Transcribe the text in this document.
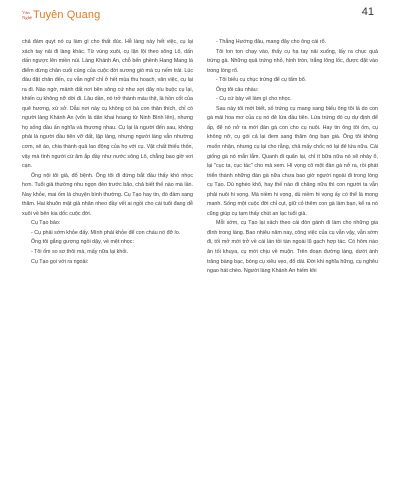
Văn
Nghệ Tuyên Quang	41

chả đám quyt nó cụ làm gì cho thất đúc. Hễ làng này hết việc, cụ lại xách tay nải đi làng khác. Từ vùng xuôi, cụ lận lội theo sông Lô, dấn dấn ngược lên miền núi. Làng Khánh An, chỗ bến ghềnh Hang Mang là điểm dừng chân cuối cùng của cuộc đời sương gió mà cụ nếm trải. Lúc đầu đặt chân đến, cụ vẫn nghĩ chỉ ở hết mùa thu hoạch, vãn việc, cụ lại ra đi. Nào ngờ, mảnh đất nơi bên sông cứ như sợi dây níu buộc cụ lại, khiến cụ không nỡ dời đi. Lâu dần, nó trở thành máu thịt, là hồn cốt của quê hương, xứ sở. Dẫu nơi này cụ không có bà con thân thích, chỉ có người làng Khánh An (vốn là dân khai hoang từ Ninh Bình lên), nhưng họ sống đầu ấn nghĩa và thương nhau. Cụ lại là người đến sau, không phải là người đầu tiên vỡ đất, lập làng, nhưng người làng vẫn nhường cơm, xẻ áo, chia thành quả lao động của họ với cụ. Vật chất thiếu thốn, vậy mà tình người cứ ăm ắp đầy như nước sông Lô, chẳng bao giờ vơi cạn.

Ông nội tôi giả, đổ bệnh. Ông tôi đi đứng bắt đầu thấy khó nhọc hơn. Tuổi giả thường nhu ngọn đèn trước bão, chả biết thế nào mà lần. Nay khỏe, mai ốm là chuyện bình thường. Cụ Tạo hay tin, đò đầm sang thăm. Hai khuôn mặt già nhăn nheo đầy vết ai ngồi cho cái tuổi đang dễ xuôi về bên kia dốc cuộc đời.

Cụ Tạo bảo:

- Cụ phải sớm khỏe đấy. Mình phải khỏe để con cháu nó đỡ lo.

Ông tôi gắng gượng ngồi dậy, về mệt nhọc:

- Tôi ốm so sơ thôi mà, mấy nữa lại khỏi.

Cụ Tạo gọi với ra ngoài:

- Thắng Hướng đâu, mang đây cho ông cái rổ.

Tôi lon ton chạy vào, thấy cụ hạ tay nải xuống, lấy ra chục quả trứng gà. Những quả trứng nhỏ, hình tròn, trắng lông lốc, được đặt vào trong lòng rổ.

- Tôi biếu cụ chục trứng để cụ tẩm bổ.

Ông tôi cảu nhàu:

- Cụ cứ bày vẽ làm gì cho nhọc.

Sau này tôi mới biết, số trứng cụ mang sang biếu ông tôi là do con gà mái hoa mơ của cụ nó đẻ lứa đầu tiên. Lứa trứng đó cụ dự định để ấp, để nó nở ra mới đàn gà con cho cụ nuôi. Hay tin ông tôi ốm, cụ không nỡ, cụ gói cả lại đem sang thăm ông bạn già. Ông tôi không muốn nhận, nhưng cụ lại cho rằng, chả mấy chốc nó lại đẻ lứa nữa. Cái giống gà nó mắn lắm. Quanh đi quẩn lại, chỉ ít bữa nữa nó sẽ nhảy ổ, lại "cục ta, cục tác" cho mà xem. Hì vọng cô một đàn gà nở ra, rồi phát triển thành những đàn gà nữa chưa bao giờ người ngoài đi trong lòng cụ Tạo. Dù nghèo khổ, hay thế nào đi chăng nữa thì con người ta vẫn phải nuôi hi vọng. Mà niềm hi vọng, dù niềm hi vọng ấy có thể là mong manh. Sống một cuộc đời chỉ cụt, giữ cỏ thêm con gà làm bạn, kể ra nó cũng giúp cụ tạm thấy chút an lạc tuổi già.

Mỗi sớm, cụ Tạo lại xách theo cái đòn gánh đi làm cho những gia đình trong làng. Bao nhiêu năm nay, công việc của cụ vẫn vậy, vẫn sớm đi, tối mở mới trở về cái lán tồi tàn ngoài lũ gạch hợp tác. Có hôm nào ăn tối khuya, cụ mới chịu về muộn. Trên đoạn đường làng, dưới ánh trăng bàng bạc, bóng cụ xiêu vẹo, đổ dài. Đời khi nghĩa hững, cụ nghêu ngao hát chèo. Người làng Khánh An hiếm khi
